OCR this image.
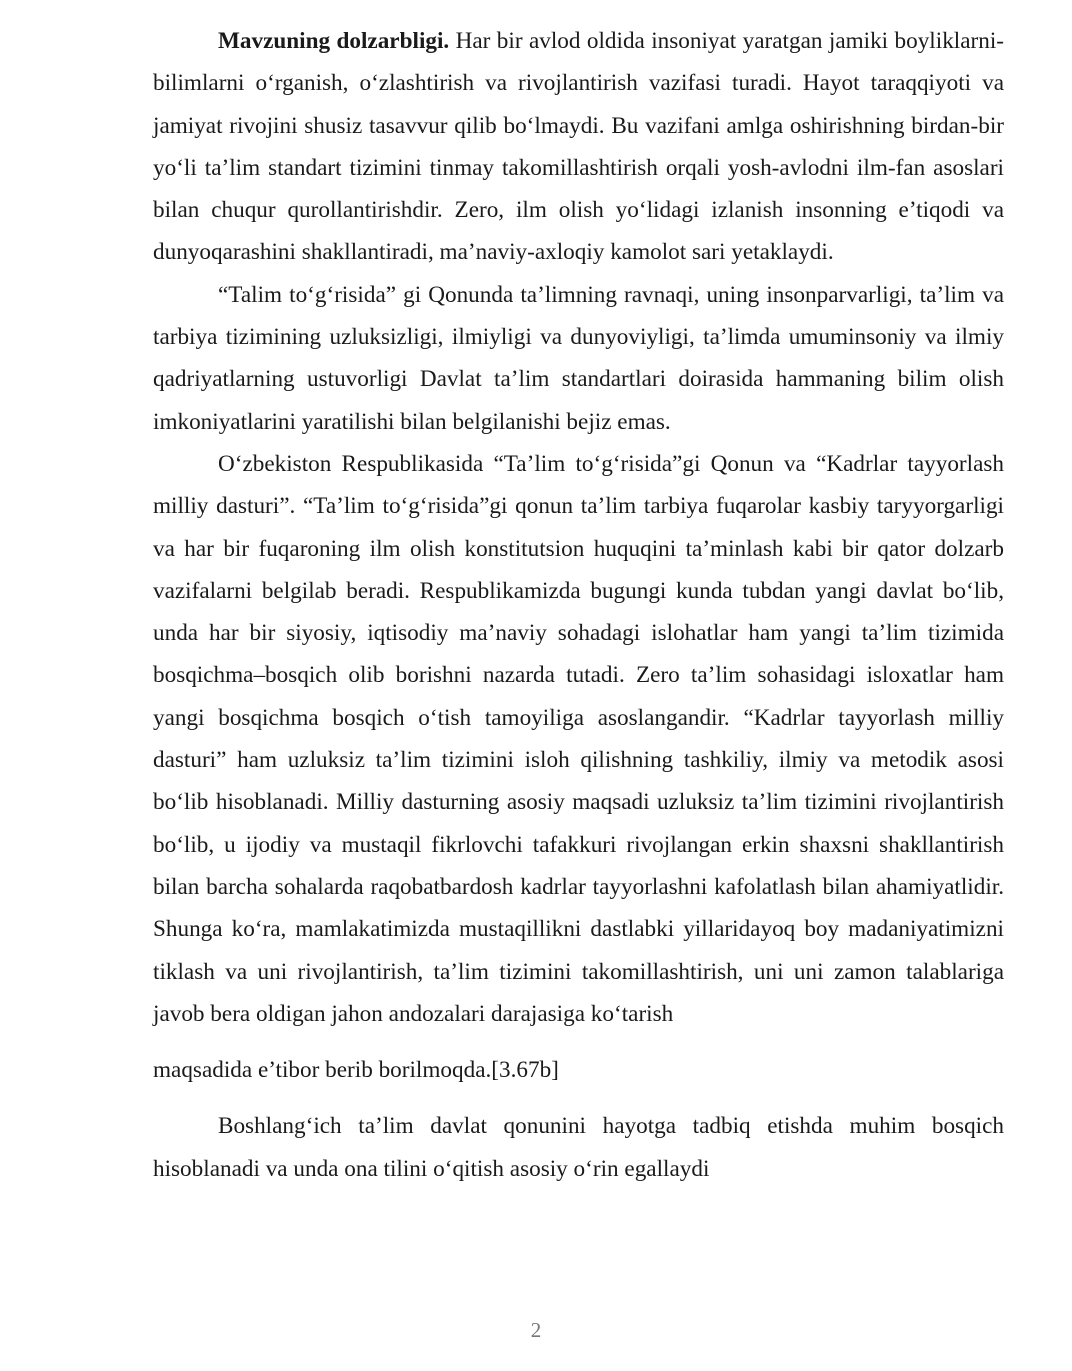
Mavzuning dolzarbligi. Har bir avlod oldida insoniyat yaratgan jamiki boyliklarni- bilimlarni o‘rganish, o‘zlashtirish va rivojlantirish vazifasi turadi. Hayot taraqqiyoti va jamiyat rivojini shusiz tasavvur qilib bo‘lmaydi. Bu vazifani amlga oshirishning birdan-bir yo‘li ta’lim standart tizimini tinmay takomillashtirish orqali yosh-avlodni ilm-fan asoslari bilan chuqur qurollantirishdir. Zero, ilm olish yo‘lidagi izlanish insonning e’tiqodi va dunyoqarashini shakllantiradi, ma’naviy-axloqiy kamolot sari yetaklaydi.

“Talim to‘g‘risida” gi Qonunda ta’limning ravnaqi, uning insonparvarligi, ta’lim va tarbiya tizimining uzluksizligi, ilmiyligi va dunyoviyligi, ta’limda umuminsoniy va ilmiy qadriyatlarning ustuvorligi Davlat ta’lim standartlari doirasida hammaning bilim olish imkoniyatlarini yaratilishi bilan belgilanishi bejiz emas.

O‘zbekiston Respublikasida “Ta’lim to‘g‘risida”gi Qonun va “Kadrlar tayyorlash milliy dasturi”. “Ta’lim to‘g‘risida”gi qonun ta’lim tarbiya fuqarolar kasbiy taryyorgarligi va har bir fuqaroning ilm olish konstitutsion huquqini ta’minlash kabi bir qator dolzarb vazifalarni belgilab beradi. Respublikamizda bugungi kunda tubdan yangi davlat bo‘lib, unda har bir siyosiy, iqtisodiy ma’naviy sohadagi islohatlar ham yangi ta’lim tizimida bosqichma–bosqich olib borishni nazarda tutadi. Zero ta’lim sohasidagi isloxatlar ham yangi bosqichma bosqich o‘tish tamoyiliga asoslangandir. “Kadrlar tayyorlash milliy dasturi” ham uzluksiz ta’lim tizimini isloh qilishning tashkiliy, ilmiy va metodik asosi bo‘lib hisoblanadi. Milliy dasturning asosiy maqsadi uzluksiz ta’lim tizimini rivojlantirish bo‘lib, u ijodiy va mustaqil fikrlovchi tafakkuri rivojlangan erkin shaxsni shakllantirish bilan barcha sohalarda raqobatbardosh kadrlar tayyorlashni kafolatlash bilan ahamiyatlidir. Shunga ko‘ra, mamlakatimizda mustaqillikni dastlabki yillaridayoq boy madaniyatimizni tiklash va uni rivojlantirish, ta’lim tizimini takomillashtirish, uni uni zamon talablariga javob bera oldigan jahon andozalari darajasiga ko‘tarish

maqsadida e’tibor berib borilmoqda.[3.67b]

Boshlang‘ich ta’lim davlat qonunini hayotga tadbiq etishda muhim bosqich hisoblanadi va unda ona tilini o‘qitish asosiy o‘rin egallaydi

2
